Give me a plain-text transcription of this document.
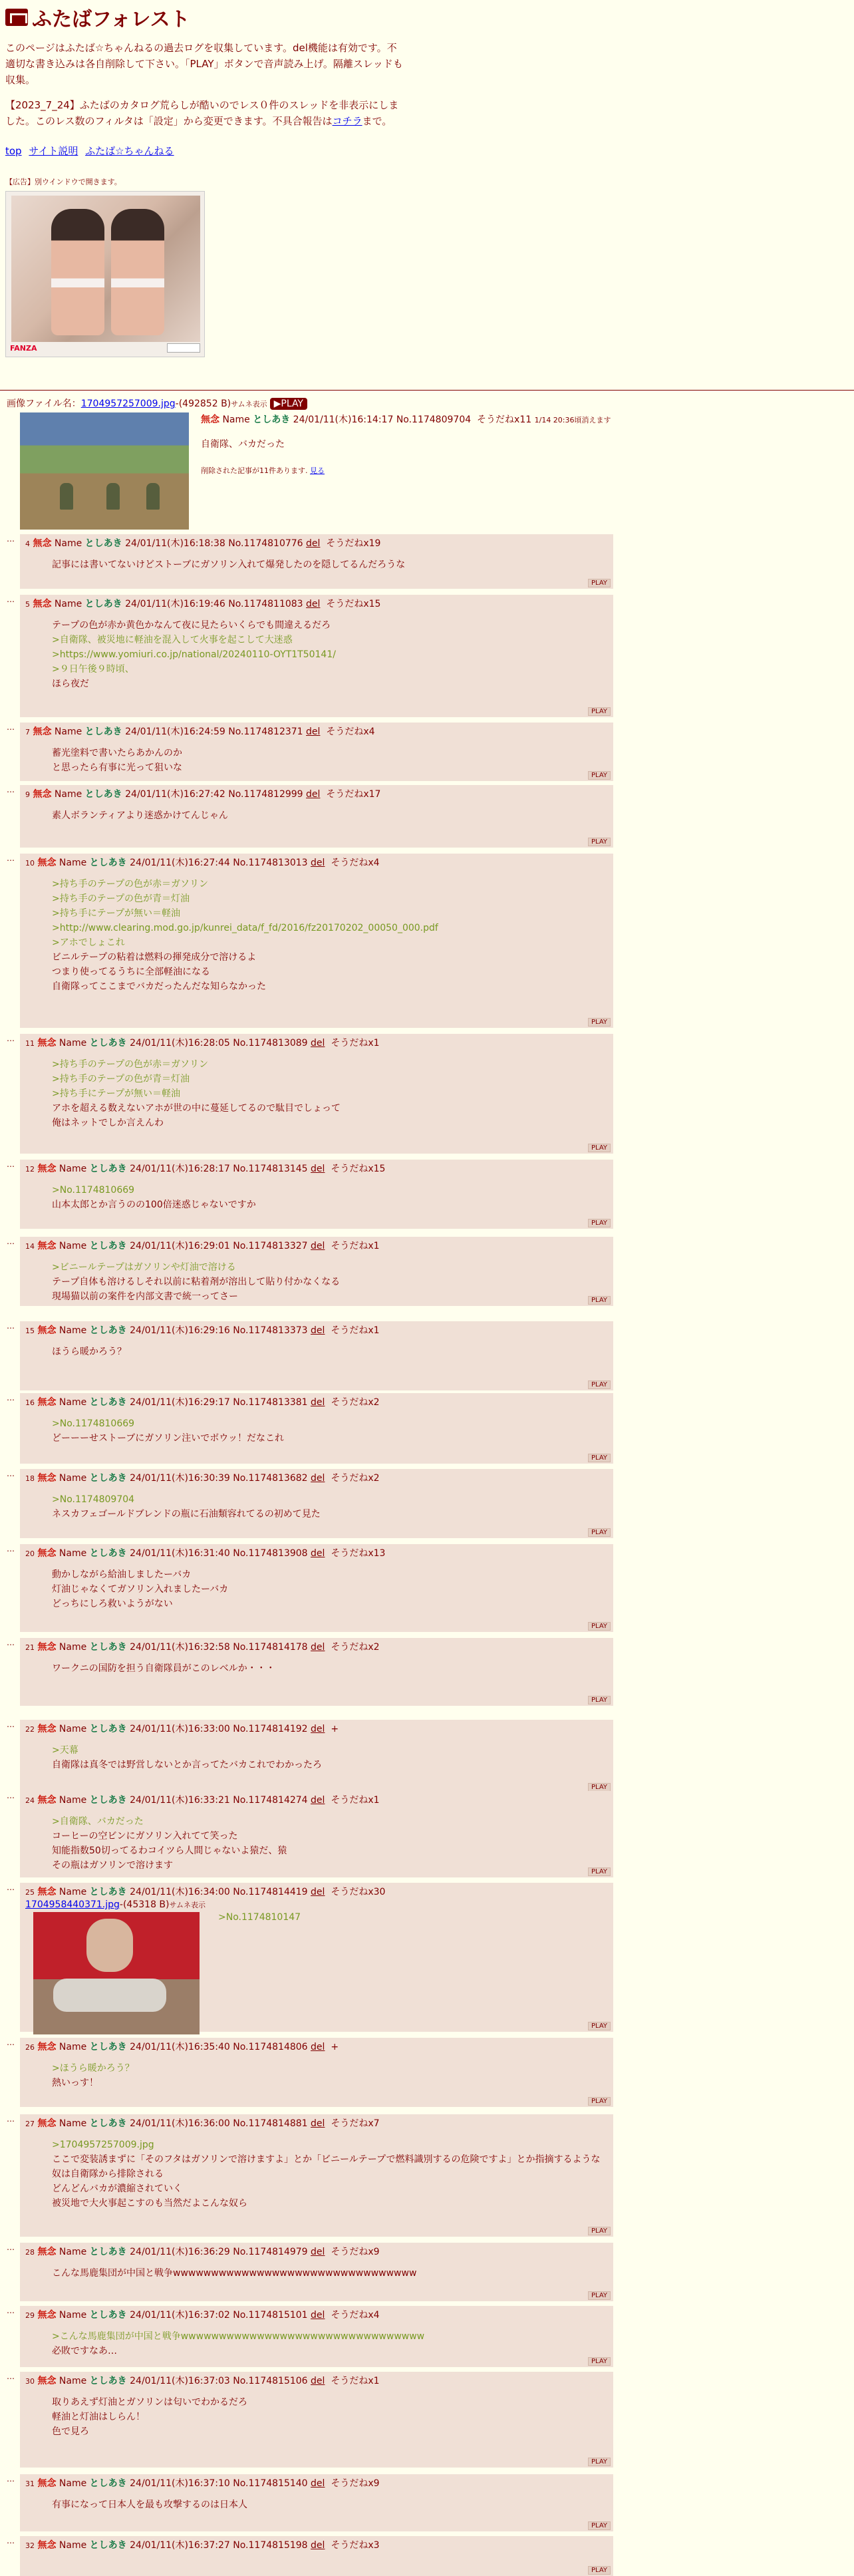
ふたばフォレスト

このページはふたば☆ちゃんねるの過去ログを収集しています。del機能は有効です。不適切な書き込みは各自削除して下さい。「PLAY」ボタンで音声読み上げ。隔離スレッドも収集。

【2023_7_24】ふたばのカタログ荒らしが酷いのでレス０件のスレッドを非表示にしました。このレス数のフィルタは「設定」から変更できます。不具合報告はコチラまで。

top サイト説明 ふたば☆ちゃんねる
【広告】別ウインドウで開きます。
FANZA
画像ファイル名：1704957257009.jpg-(492852 B)サムネ表示 ▶PLAY
無念 Name としあき 24/01/11(木)16:14:17 No.1174809704 そうだねx11 1/14 20:36頃消えます
自衛隊、バカだった
削除された記事が11件あります. 見る
…
4 無念 Name としあき 24/01/11(木)16:18:38 No.1174810776 del そうだねx19
記事には書いてないけどストーブにガソリン入れて爆発したのを隠してるんだろうな
PLAY
…
5 無念 Name としあき 24/01/11(木)16:19:46 No.1174811083 del そうだねx15
テープの色が赤か黄色かなんて夜に見たらいくらでも間違えるだろ
>自衛隊、被災地に軽油を混入して火事を起こして大迷惑
>https://www.yomiuri.co.jp/national/20240110-OYT1T50141/
>９日午後９時頃、
ほら夜だ
PLAY
…
7 無念 Name としあき 24/01/11(木)16:24:59 No.1174812371 del そうだねx4
蓄光塗料で書いたらあかんのか
と思ったら有事に光って狙いな
PLAY
…
9 無念 Name としあき 24/01/11(木)16:27:42 No.1174812999 del そうだねx17
素人ボランティアより迷惑かけてんじゃん
PLAY
…
10 無念 Name としあき 24/01/11(木)16:27:44 No.1174813013 del そうだねx4
>持ち手のテープの色が赤＝ガソリン
>持ち手のテープの色が青＝灯油
>持ち手にテープが無い＝軽油
>http://www.clearing.mod.go.jp/kunrei_data/f_fd/2016/fz20170202_00050_000.pdf
>アホでしょこれ
ビニルテープの粘着は燃料の揮発成分で溶けるよ
つまり使ってるうちに全部軽油になる
自衛隊ってここまでバカだったんだな知らなかった
PLAY
…
11 無念 Name としあき 24/01/11(木)16:28:05 No.1174813089 del そうだねx1
>持ち手のテープの色が赤＝ガソリン
>持ち手のテープの色が青＝灯油
>持ち手にテープが無い＝軽油
アホを超える数えないアホが世の中に蔓延してるので駄目でしょって
俺はネットでしか言えんわ
PLAY
…
12 無念 Name としあき 24/01/11(木)16:28:17 No.1174813145 del そうだねx15
>No.1174810669
山本太郎とか言うのの100倍迷惑じゃないですか
PLAY
…
14 無念 Name としあき 24/01/11(木)16:29:01 No.1174813327 del そうだねx1
>ビニールテープはガソリンや灯油で溶ける
テープ自体も溶けるしそれ以前に粘着剤が溶出して貼り付かなくなる
現場猫以前の案件を内部文書で統一ってさー	PLAY
…
15 無念 Name としあき 24/01/11(木)16:29:16 No.1174813373 del そうだねx1
ほうら暖かろう？
PLAY
…
16 無念 Name としあき 24/01/11(木)16:29:17 No.1174813381 del そうだねx2
>No.1174810669
どーーーせストーブにガソリン注いでボウッ！だなこれ
PLAY
…
18 無念 Name としあき 24/01/11(木)16:30:39 No.1174813682 del そうだねx2
>No.1174809704
ネスカフェゴールドブレンドの瓶に石油類容れてるの初めて見た
PLAY
…
20 無念 Name としあき 24/01/11(木)16:31:40 No.1174813908 del そうだねx13
動かしながら給油しましたーバカ
灯油じゃなくてガソリン入れましたーバカ
どっちにしろ救いようがない
PLAY
…
21 無念 Name としあき 24/01/11(木)16:32:58 No.1174814178 del そうだねx2
ワークニの国防を担う自衛隊員がこのレベルか・・・
PLAY
…
22 無念 Name としあき 24/01/11(木)16:33:00 No.1174814192 del +
>天幕
自衛隊は真冬では野営しないとか言ってたバカこれでわかったろ
PLAY
…
24 無念 Name としあき 24/01/11(木)16:33:21 No.1174814274 del そうだねx1
>自衛隊、バカだった
コーヒーの空ビンにガソリン入れてて笑った
知能指数50切ってるわコイツら人間じゃないよ猿だ、猿
その瓶はガソリンで溶けます
PLAY
…
25 無念 Name としあき 24/01/11(木)16:34:00 No.1174814419 del そうだねx30
1704958440371.jpg-(45318 B)サムネ表示
>No.1174810147
PLAY
…
26 無念 Name としあき 24/01/11(木)16:35:40 No.1174814806 del +
>ほうら暖かろう？
熱いっす！
PLAY
…
27 無念 Name としあき 24/01/11(木)16:36:00 No.1174814881 del そうだねx7
>1704957257009.jpg
ここで変装誘まずに「そのフタはガソリンで溶けますよ」とか「ビニールテープで燃料識別するの危険ですよ」とか指摘するような奴は自衛隊から排除される
どんどんバカが濃縮されていく
被災地で大火事起こすのも当然だよこんな奴ら
PLAY
…
28 無念 Name としあき 24/01/11(木)16:36:29 No.1174814979 del そうだねx9
こんな馬鹿集団が中国と戦争wwwwwwwwwwwwwwwwwwwwwwwwwwwwwwww
PLAY
…
29 無念 Name としあき 24/01/11(木)16:37:02 No.1174815101 del そうだねx4
>こんな馬鹿集団が中国と戦争wwwwwwwwwwwwwwwwwwwwwwwwwwwwwwww
必敗ですなあ…
PLAY
…
30 無念 Name としあき 24/01/11(木)16:37:03 No.1174815106 del そうだねx1
取りあえず灯油とガソリンは匂いでわかるだろ
軽油と灯油はしらん！
色で見ろ
PLAY
…
31 無念 Name としあき 24/01/11(木)16:37:10 No.1174815140 del そうだねx9
有事になって日本人を最も攻撃するのは日本人
PLAY
…
32 無念 Name としあき 24/01/11(木)16:37:27 No.1174815198 del そうだねx3
PLAY
